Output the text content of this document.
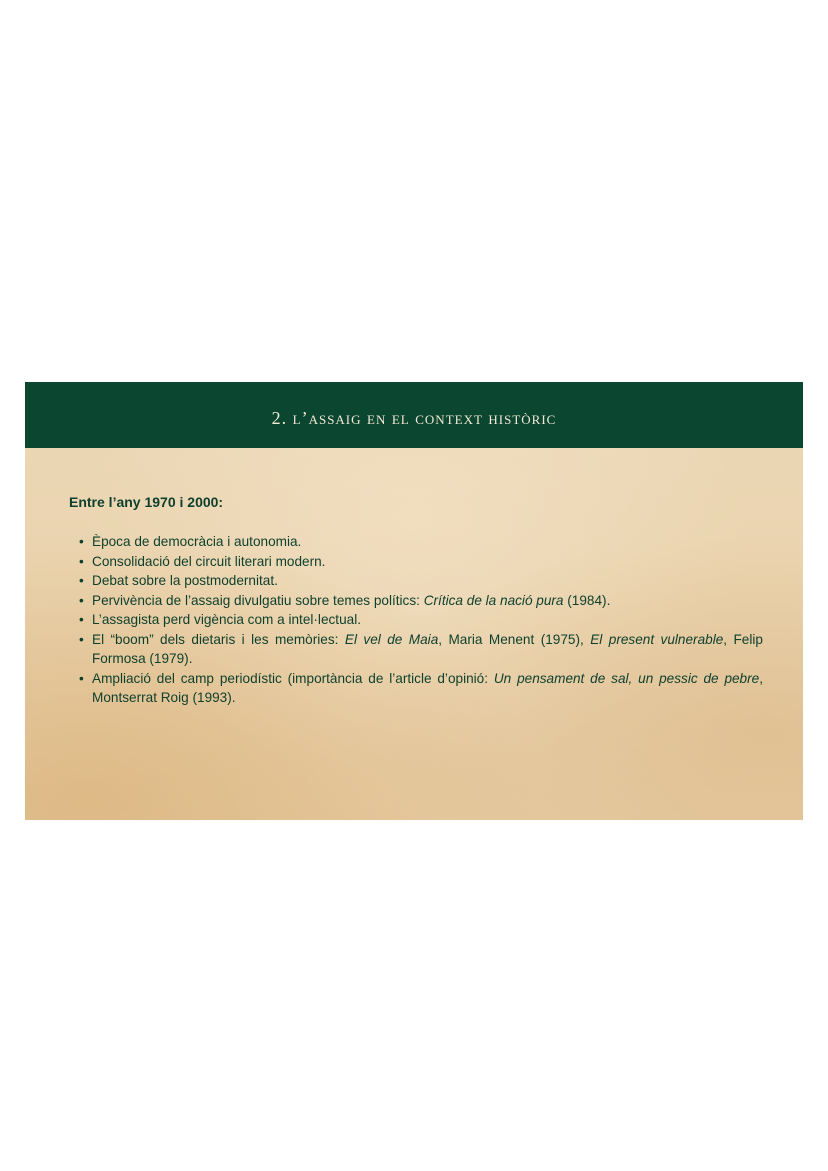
2. l’assaig en el context històric

Entre l’any 1970 i 2000:

• Època de democràcia i autonomia.
• Consolidació del circuit literari modern.
• Debat sobre la postmodernitat.
• Pervivència de l’assaig divulgatiu sobre temes polítics: Crítica de la nació pura (1984).
• L’assagista perd vigència com a intel·lectual.
• El “boom” dels dietaris i les memòries: El vel de Maia, Maria Menent (1975), El present vulnerable, Felip Formosa (1979).
• Ampliació del camp periodístic (importància de l’article d’opinió: Un pensament de sal, un pessic de pebre, Montserrat Roig (1993).
